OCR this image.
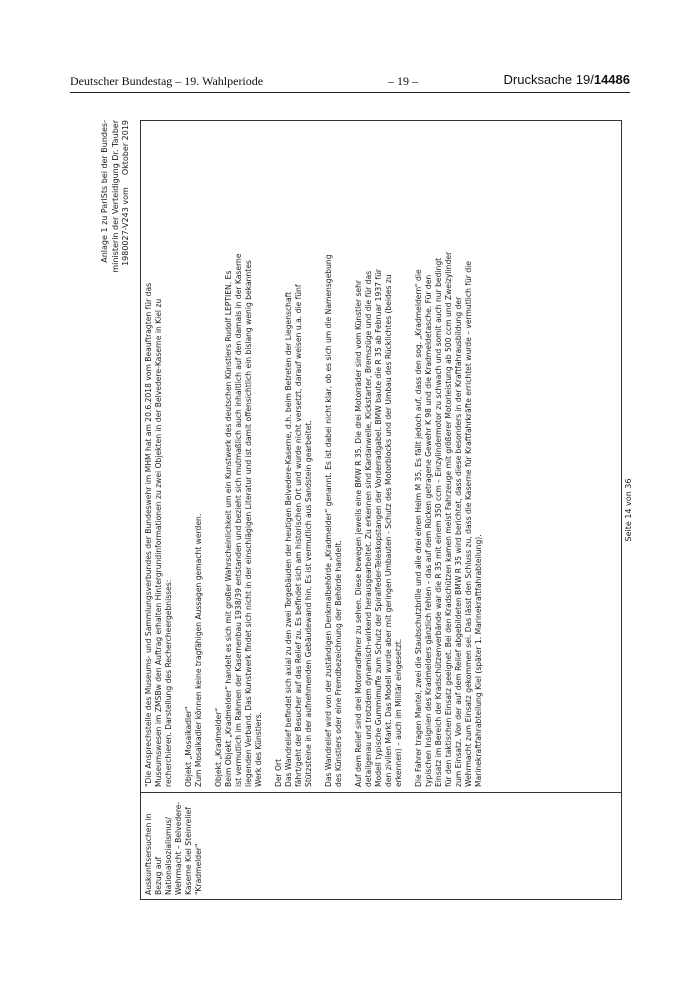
Deutscher Bundestag – 19. Wahlperiode	– 19 –	Drucksache 19/14486
Anlage 1 zu ParlSts bei der Bundes- ministerin der Verteidigung Dr. Tauber 1980027-V243 vom
Oktober 2019
Auskunftsersuchen in Bezug auf Nationalsozialismus/ Wehrmacht – Belvedere-Kaserne Kiel Steinrelief "Kradmelder"

"Die Ansprechstelle des Museums- und Sammlungsverbundes der Bundeswehr im MHM hat am 20.6.2018 vom Beauftragten für das
Museumswesen im ZMSBw den Auftrag erhalten Hintergrundinformationen zu zwei Objekten in der Belvedere-Kaserne in Kiel zu
recherchieren. Darstellung des Rechercheergebnisses: Objekt „Mosaikadler“
Zum Mosaikadler können keine tragfähigen Aussagen gemacht werden. Objekt „Kradmelder“
Beim Objekt „Kradmelder“ handelt es sich mit großer Wahrscheinlichkeit um ein Kunstwerk des deutschen Künstlers Rudolf LEPTIEN. Es
ist vermutlich im Rahmen der Kasernenbau 1938/39 entstanden und bezieht sich mutmaßlich auch inhaltlich auf den damals in der Kaserne
liegenden Verband. Das Kunstwerk findet sich nicht in der einschlägigen Literatur und ist damit offensichtlich ein bislang wenig bekanntes
Werk des Künstlers. Der Ort
Das Wandrelief befindet sich axial zu den zwei Torgebäuden der heutigen Belvedere-Kaserne, d.h. beim Betreten der Liegenschaft
fährt/geht der Besucher auf das Relief zu. Es befindet sich am historischen Ort und wurde nicht versetzt, darauf weisen u.a. die fünf
Stützsteine in der aufnehmenden Gebäudewand hin. Es ist vermutlich aus Sandstein gearbeitet. Das Wandrelief wird von der zuständigen Denkmalbehörde „Kradmelder“ genannt. Es ist dabei nicht klar, ob es sich um die Namensgebung
des Künstlers oder eine Fremdbezeichnung der Behörde handelt. Auf dem Relief sind drei Motorradfahrer zu sehen. Diese bewegen jeweils eine BMW R 35. Die drei Motorräder sind vom Künstler sehr
detailgenau und trotzdem dynamisch-wirkend herausgearbeitet. Zu erkennen sind Kardanwelle, Kickstarter, Bremszüge und die für das
Modell typische Gummimuffe zum Schutz der Spiralfeder-Teleskopstangen der Vorderradgabel. BMW baute die R 35 ab Februar 1937 für
den zivilen Markt. Das Modell wurde aber mit geringen Umbauten - Schutz des Motorblocks und der Umbau des Rücklichtes (beides zu
erkennen) – auch im Militär eingesetzt. Die Fahrer tragen Mantel, zwei die Staubschutzbrille und alle drei einen Helm M 35. Es fällt jedoch auf, dass den sog. „Kradmeldern“ die
typischen Insignien des Kradmelders gänzlich fehlen – das auf dem Rücken getragene Gewehr K 98 und die Kradmeldetasche. Für den
Einsatz im Bereich der Kradschützenverbände war die R 35 mit einem 350 ccm – Einzylindermotor zu schwach und somit auch nur bedingt
für den taktischen Einsatz geeignet. Bei den Kradschützen kamen meist Fahrzeuge mit größerer Motorleistung ab 500 ccm und Zweizylinder
zum Einsatz. Von der auf dem Relief abgebildeten BMW R 35 wird berichtet, dass diese besonders in der Kraftfahrausbildung der
Wehrmacht zum Einsatz gekommen sei. Das lässt den Schluss zu, dass die Kaserne für Kraftfahrkräfte errichtet wurde – vermutlich für die
Marinekraftfahrabteilung Kiel (später 1. Marinekraftfahrabteilung).

Seite 14 von 36
